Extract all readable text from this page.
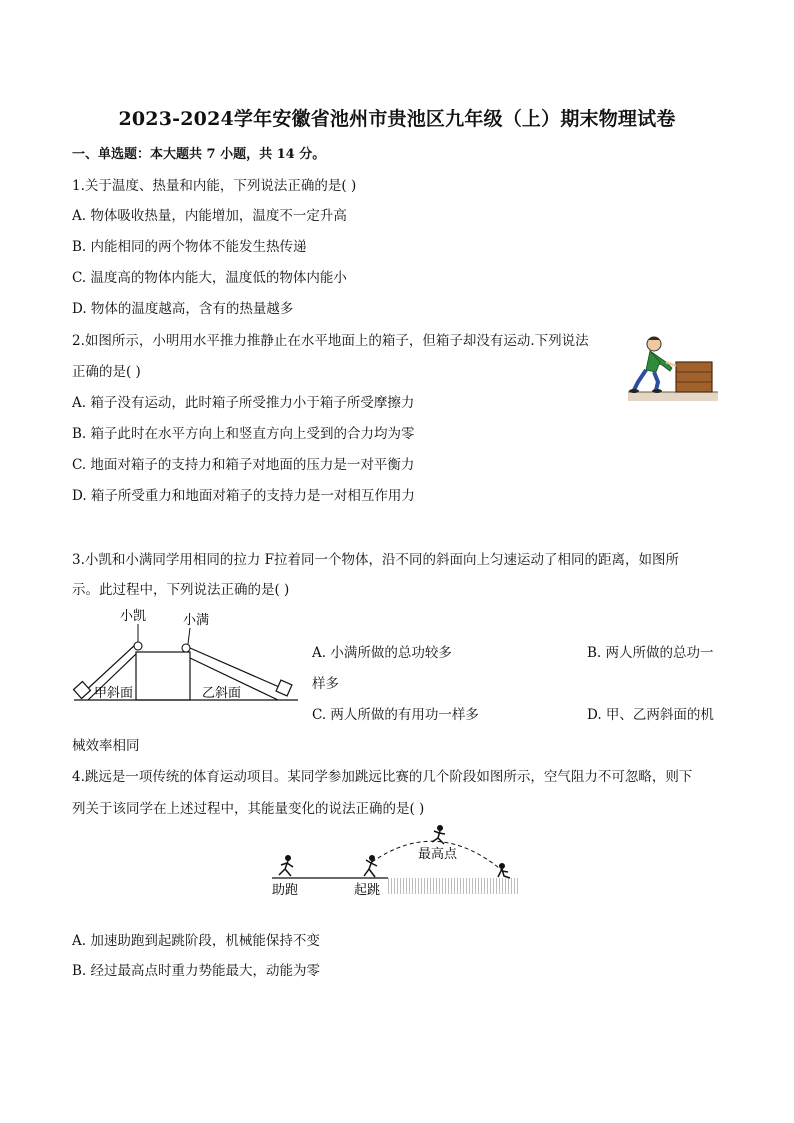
2023-2024学年安徽省池州市贵池区九年级（上）期末物理试卷
一、单选题：本大题共 7 小题，共 14 分。
1.关于温度、热量和内能，下列说法正确的是( )
A. 物体吸收热量，内能增加，温度不一定升高
B. 内能相同的两个物体不能发生热传递
C. 温度高的物体内能大，温度低的物体内能小
D. 物体的温度越高，含有的热量越多
2.如图所示，小明用水平推力推静止在水平地面上的箱子，但箱子却没有运动.下列说法
正确的是( )
A. 箱子没有运动，此时箱子所受推力小于箱子所受摩擦力
B. 箱子此时在水平方向上和竖直方向上受到的合力均为零
C. 地面对箱子的支持力和箱子对地面的压力是一对平衡力
D. 箱子所受重力和地面对箱子的支持力是一对相互作用力
3.小凯和小满同学用相同的拉力 F拉着同一个物体，沿不同的斜面向上匀速运动了相同的距离，如图所
示。此过程中，下列说法正确的是( )
小凯	小满
甲斜面	乙斜面
A. 小满所做的总功较多	B. 两人所做的总功一
样多
C. 两人所做的有用功一样多	D. 甲、乙两斜面的机
械效率相同
4.跳远是一项传统的体育运动项目。某同学参加跳远比赛的几个阶段如图所示，空气阻力不可忽略，则下
列关于该同学在上述过程中，其能量变化的说法正确的是( )
最高点
助跑	起跳
A. 加速助跑到起跳阶段，机械能保持不变
B. 经过最高点时重力势能最大，动能为零
